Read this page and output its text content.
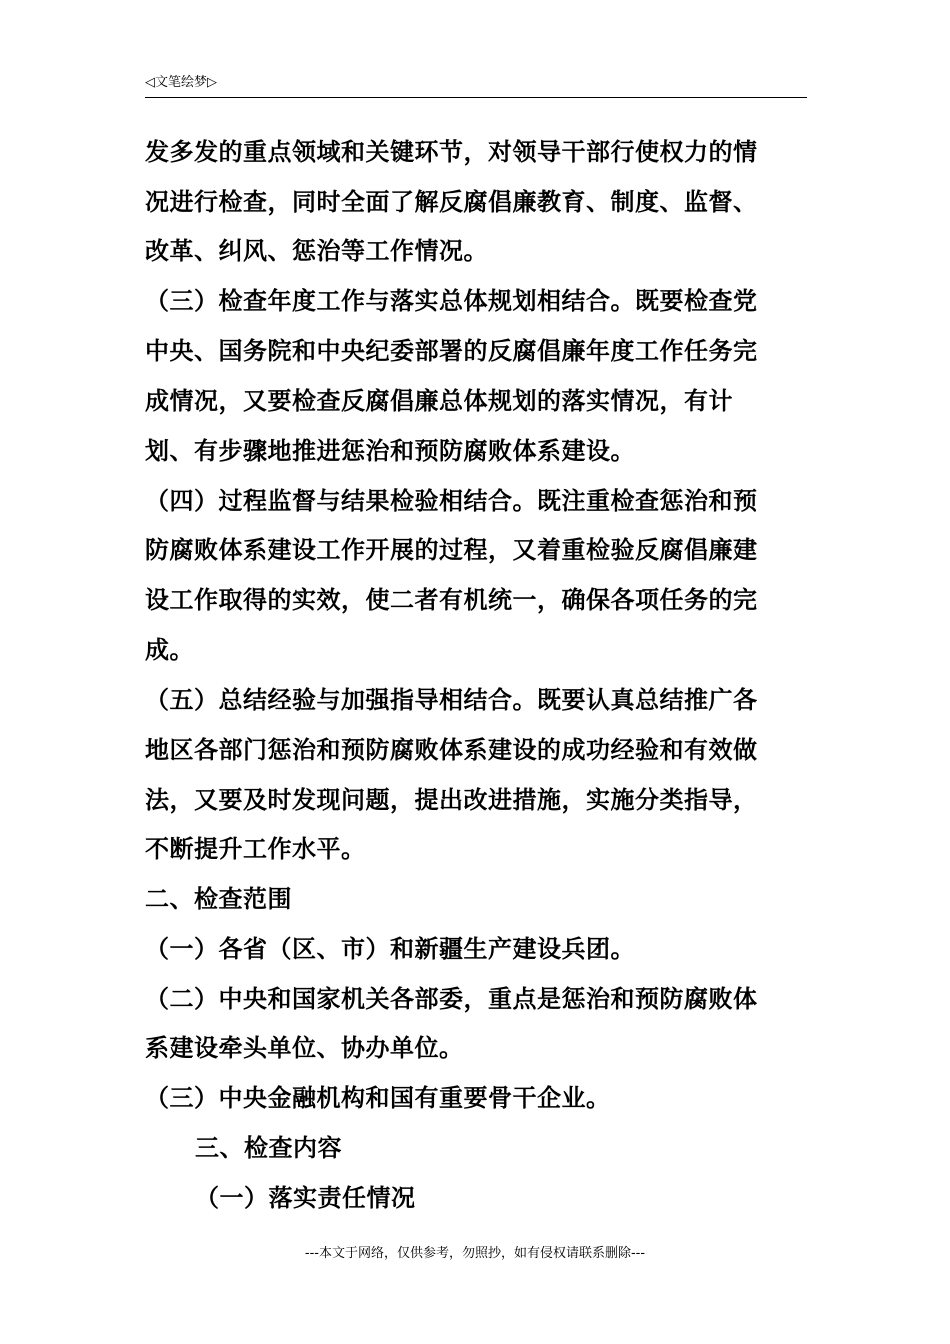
◁文笔绘梦▷
发多发的重点领域和关键环节，对领导干部行使权力的情
况进行检查，同时全面了解反腐倡廉教育、制度、监督、
改革、纠风、惩治等工作情况。
（三）检查年度工作与落实总体规划相结合。既要检查党
中央、国务院和中央纪委部署的反腐倡廉年度工作任务完
成情况，又要检查反腐倡廉总体规划的落实情况，有计
划、有步骤地推进惩治和预防腐败体系建设。
（四）过程监督与结果检验相结合。既注重检查惩治和预
防腐败体系建设工作开展的过程，又着重检验反腐倡廉建
设工作取得的实效，使二者有机统一，确保各项任务的完
成。
（五）总结经验与加强指导相结合。既要认真总结推广各
地区各部门惩治和预防腐败体系建设的成功经验和有效做
法，又要及时发现问题，提出改进措施，实施分类指导，
不断提升工作水平。
二、检查范围
（一）各省（区、市）和新疆生产建设兵团。
（二）中央和国家机关各部委，重点是惩治和预防腐败体
系建设牵头单位、协办单位。
（三）中央金融机构和国有重要骨干企业。
三、检查内容
（一）落实责任情况
---本文于网络，仅供参考，勿照抄，如有侵权请联系删除---
